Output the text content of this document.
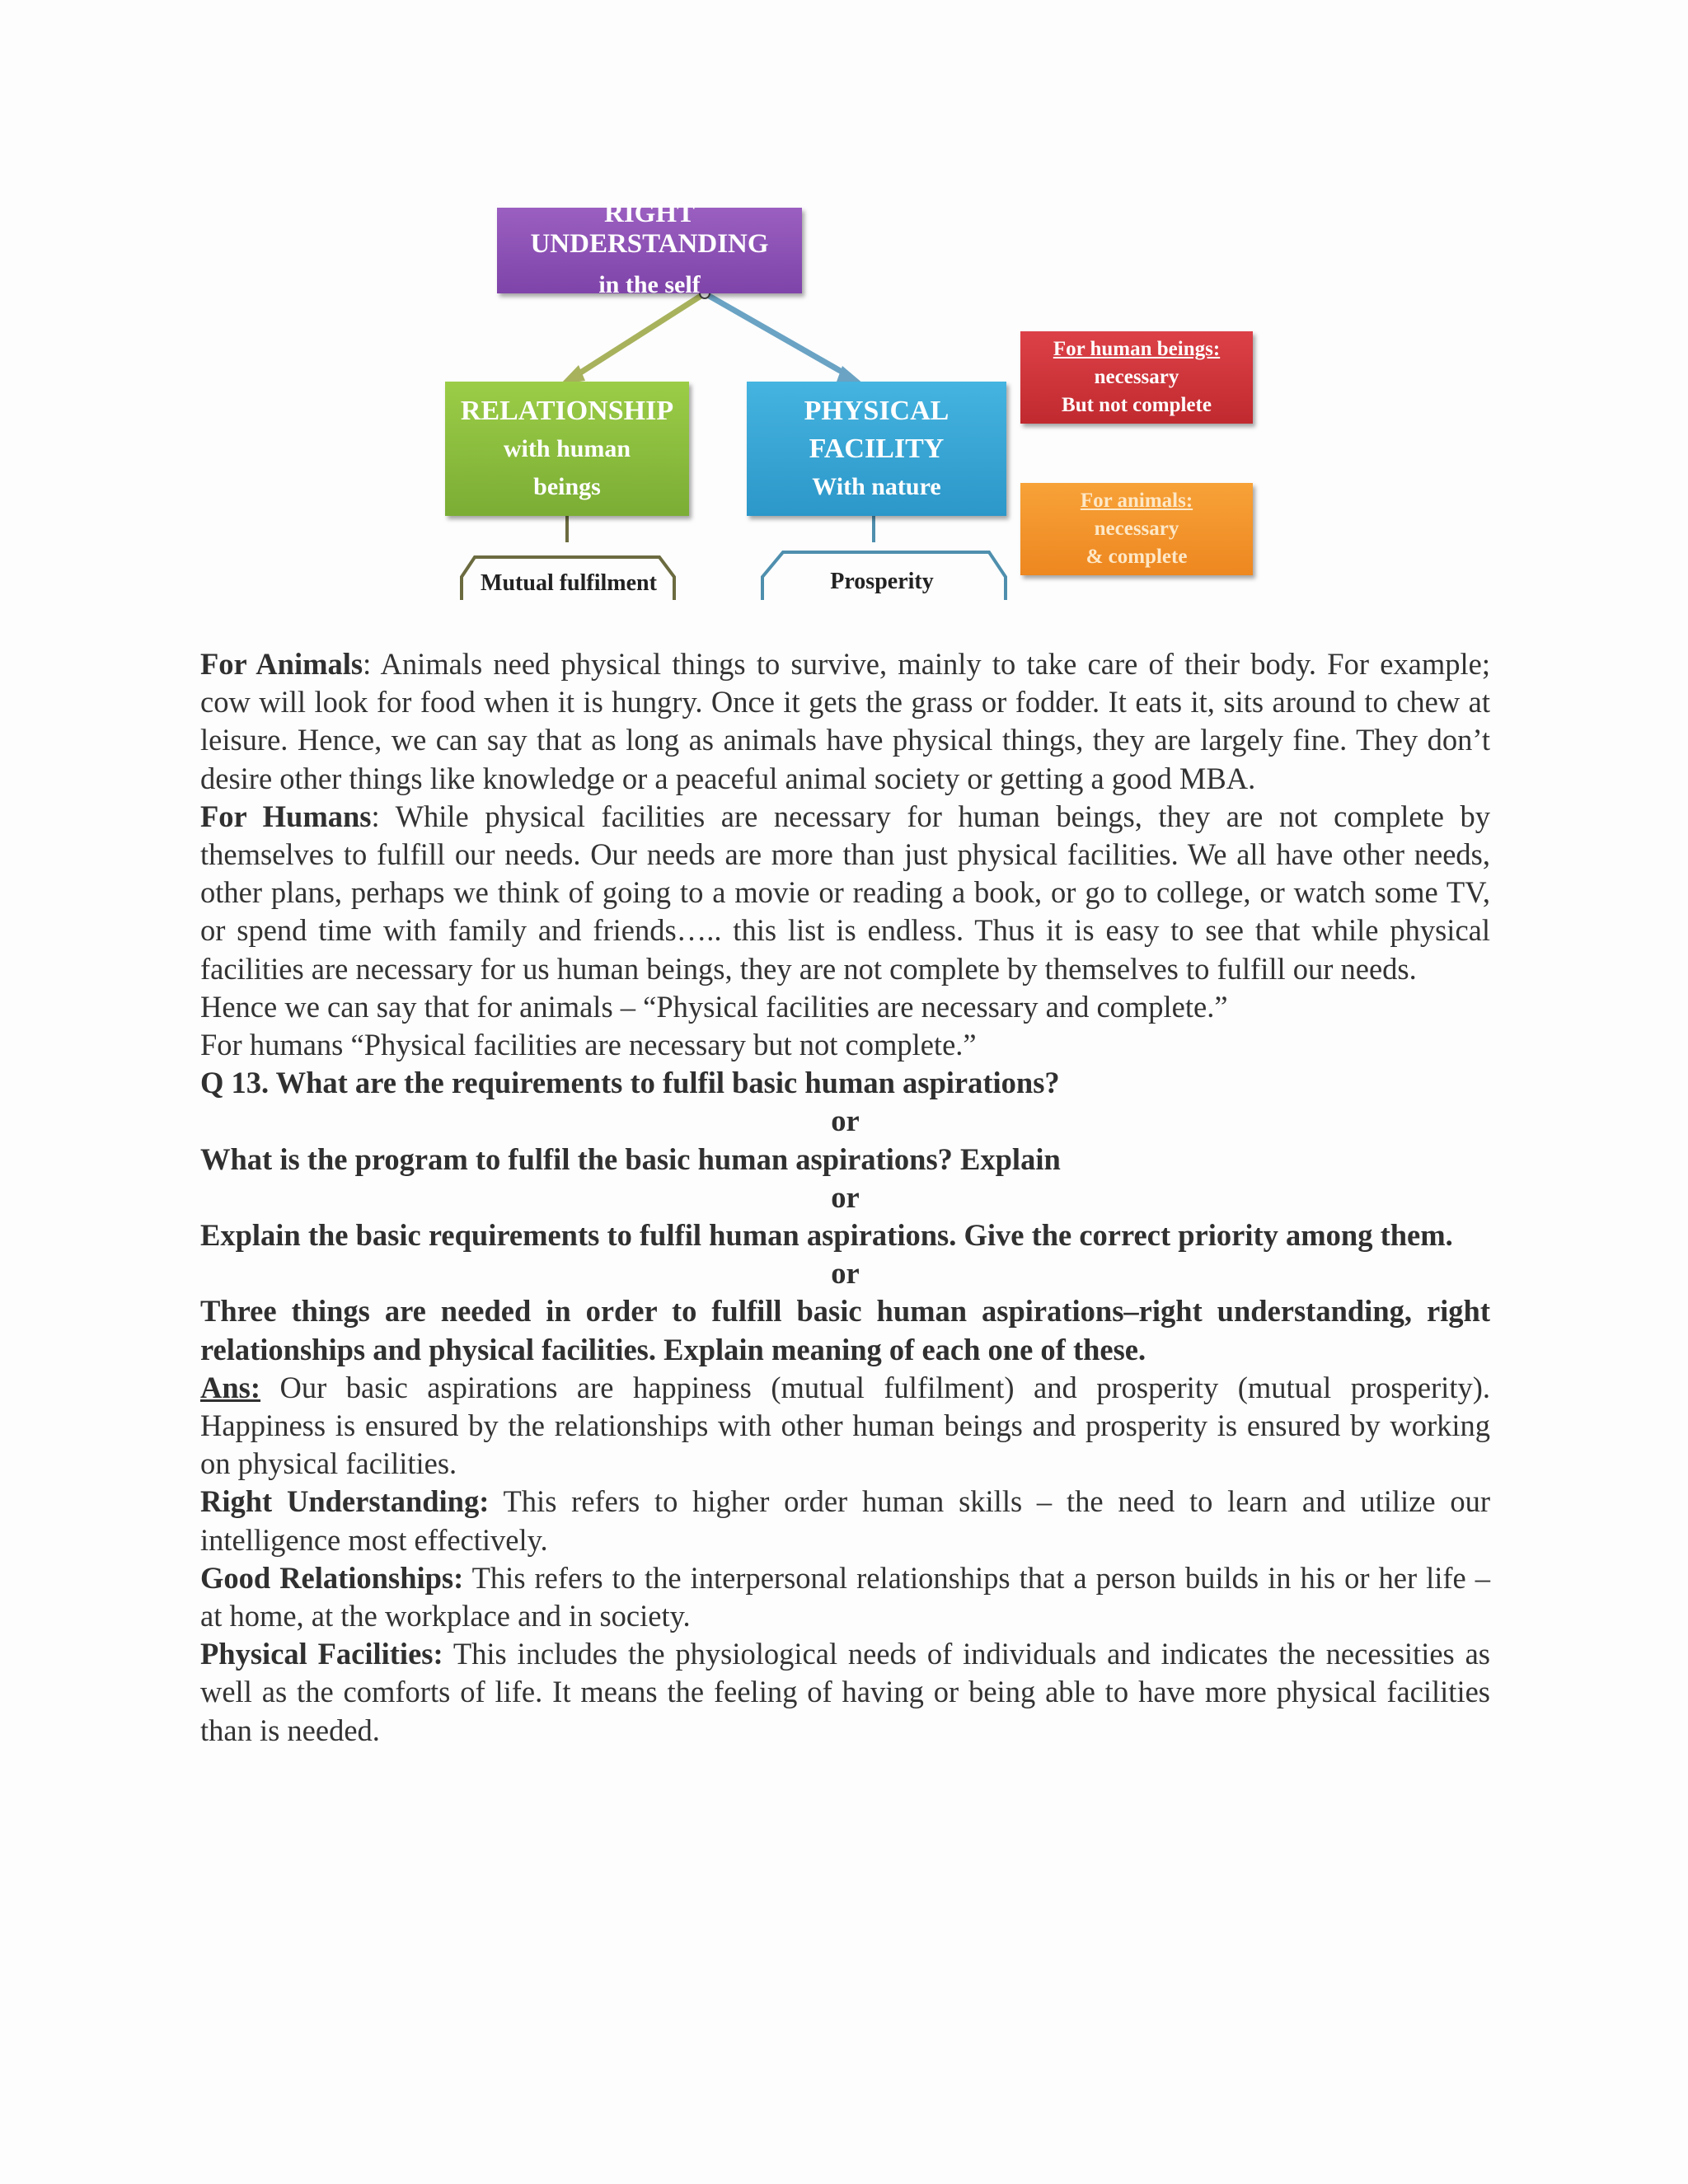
RIGHT UNDERSTANDING
in the self
RELATIONSHIP
with human
beings
PHYSICAL
FACILITY
With nature
For human beings:
necessary
But not complete
For animals:
necessary
& complete
Mutual fulfilment	Prosperity

For Animals: Animals need physical things to survive, mainly to take care of their body. For example; cow will look for food when it is hungry. Once it gets the grass or fodder. It eats it, sits around to chew at leisure. Hence, we can say that as long as animals have physical things, they are largely fine. They don’t desire other things like knowledge or a peaceful animal society or getting a good MBA.

For Humans: While physical facilities are necessary for human beings, they are not complete by themselves to fulfill our needs. Our needs are more than just physical facilities. We all have other needs, other plans, perhaps we think of going to a movie or reading a book, or go to college, or watch some TV, or spend time with family and friends….. this list is endless. Thus it is easy to see that while physical facilities are necessary for us human beings, they are not complete by themselves to fulfill our needs.

Hence we can say that for animals – “Physical facilities are necessary and complete.”

For humans “Physical facilities are necessary but not complete.”

Q 13. What are the requirements to fulfil basic human aspirations?

or

What is the program to fulfil the basic human aspirations? Explain

or

Explain the basic requirements to fulfil human aspirations. Give the correct priority among them.

or

Three things are needed in order to fulfill basic human aspirations–right understanding, right relationships and physical facilities. Explain meaning of each one of these.

Ans: Our basic aspirations are happiness (mutual fulfilment) and prosperity (mutual prosperity). Happiness is ensured by the relationships with other human beings and prosperity is ensured by working on physical facilities.

Right Understanding: This refers to higher order human skills – the need to learn and utilize our intelligence most effectively.

Good Relationships: This refers to the interpersonal relationships that a person builds in his or her life – at home, at the workplace and in society.

Physical Facilities: This includes the physiological needs of individuals and indicates the necessities as well as the comforts of life. It means the feeling of having or being able to have more physical facilities than is needed.
